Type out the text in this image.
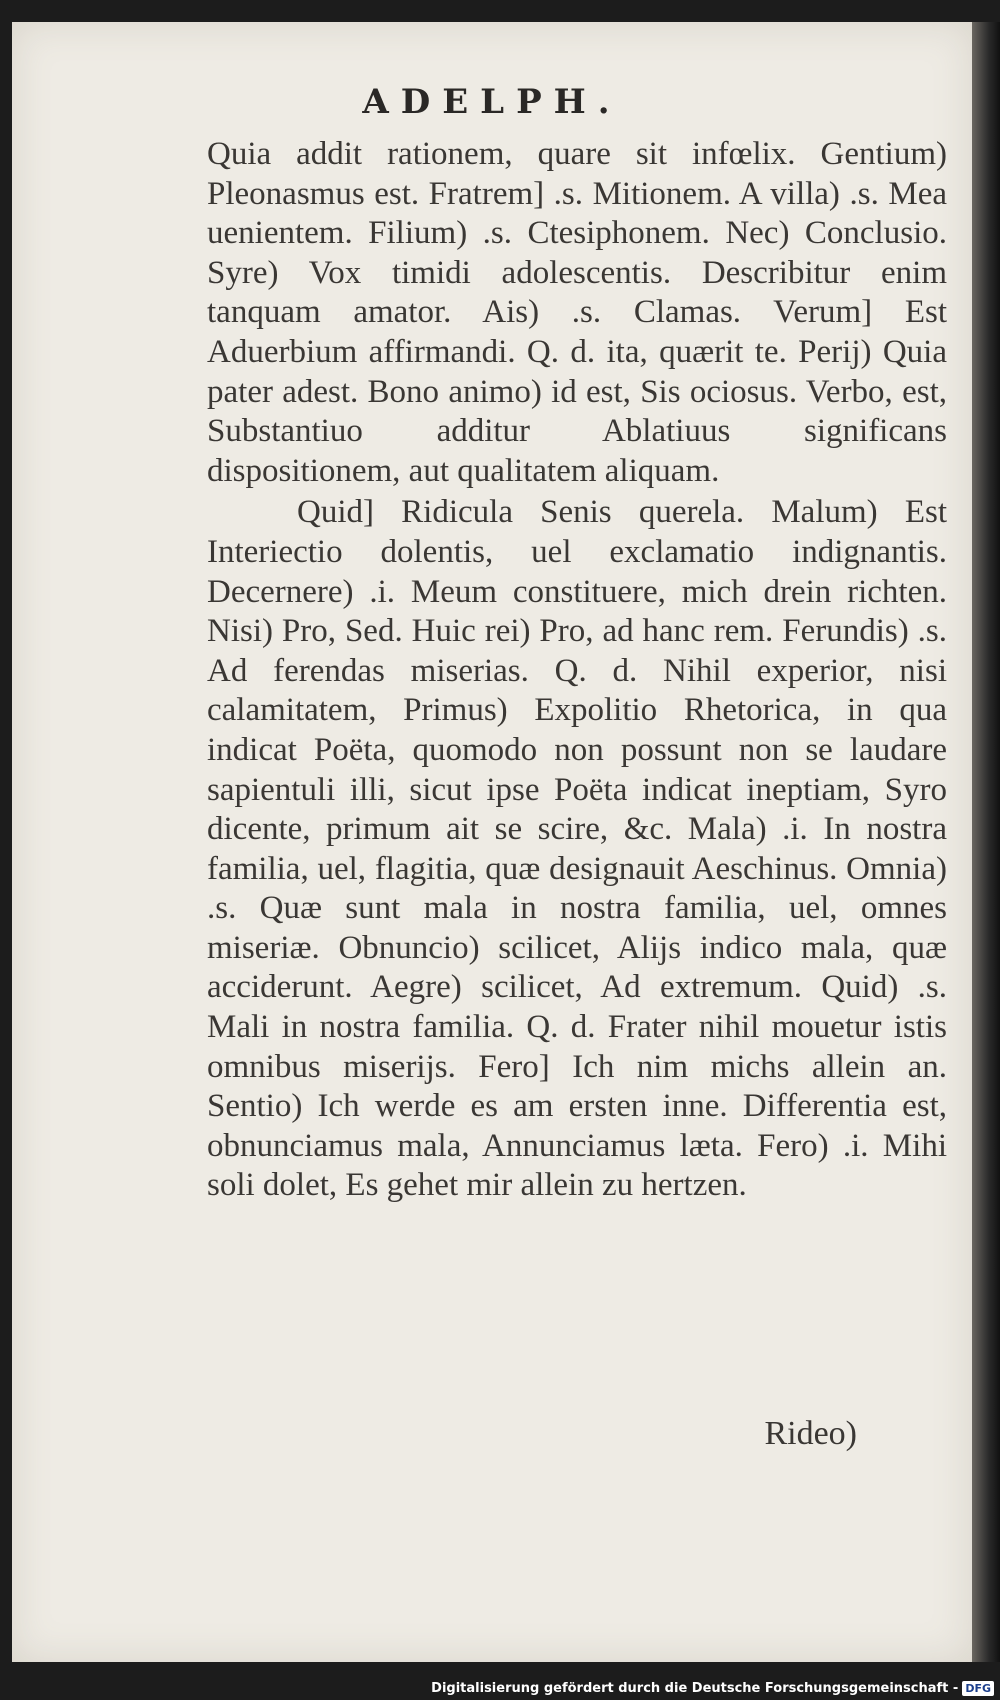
ADELPH.

Quia addit rationem, quare sit infœlix. Gentium) Pleonasmus est. Fratrem] .s. Mitionem. A villa) .s. Mea uenientem. Filium) .s. Ctesiphonem. Nec) Conclusio. Syre) Vox timidi adolescentis. Describitur enim tanquam amator. Ais) .s. Clamas. Verum] Est Aduerbium affirmandi. Q. d. ita, quærit te. Perij) Quia pater adest. Bono animo) id est, Sis ociosus. Verbo, est, Substantiuo additur Ablatiuus significans dispositionem, aut qualitatem aliquam.

Quid] Ridicula Senis querela. Malum) Est Interiectio dolentis, uel exclamatio indignantis. Decernere) .i. Meum constituere, mich drein richten. Nisi) Pro, Sed. Huic rei) Pro, ad hanc rem. Ferundis) .s. Ad ferendas miserias. Q. d. Nihil experior, nisi calamitatem, Primus) Expolitio Rhetorica, in qua indicat Poëta, quomodo non possunt non se laudare sapientuli illi, sicut ipse Poëta indicat ineptiam, Syro dicente, primum ait se scire, &c. Mala) .i. In nostra familia, uel, flagitia, quæ designauit Aeschinus. Omnia) .s. Quæ sunt mala in nostra familia, uel, omnes miseriæ. Obnuncio) scilicet, Alijs indico mala, quæ acciderunt. Aegre) scilicet, Ad extremum. Quid) .s. Mali in nostra familia. Q. d. Frater nihil mouetur istis omnibus miserijs. Fero] Ich nim michs allein an. Sentio) Ich werde es am ersten inne. Differentia est, obnunciamus mala, Annunciamus læta. Fero) .i. Mihi soli dolet, Es gehet mir allein zu hertzen.

Rideo)
Digitalisierung gefördert durch die Deutsche Forschungsgemeinschaft - DFG
